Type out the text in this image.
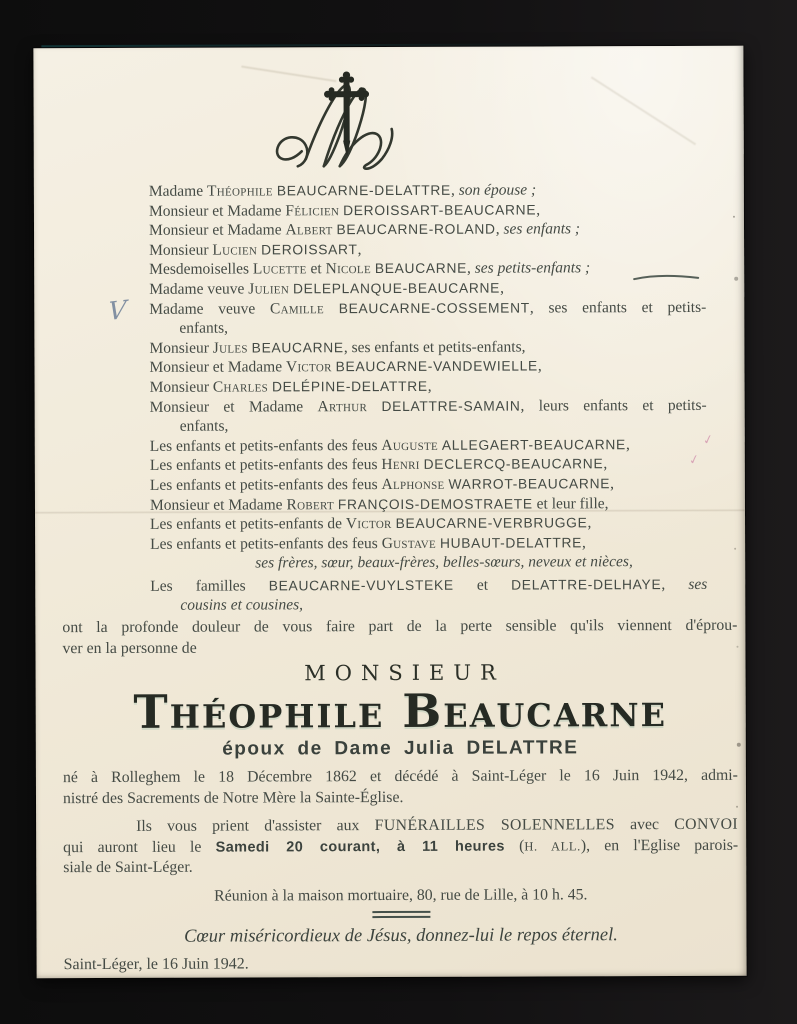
Madame Théophile BEAUCARNE-DELATTRE, son épouse ;
Monsieur et Madame Félicien DEROISSART-BEAUCARNE,
Monsieur et Madame Albert BEAUCARNE-ROLAND, ses enfants ;
Monsieur Lucien DEROISSART,
Mesdemoiselles Lucette et Nicole BEAUCARNE, ses petits-enfants ;
Madame veuve Julien DELEPLANQUE-BEAUCARNE,
Madame veuve Camille BEAUCARNE-COSSEMENT, ses enfants et petits-
enfants,
Monsieur Jules BEAUCARNE, ses enfants et petits-enfants,
Monsieur et Madame Victor BEAUCARNE-VANDEWIELLE,
Monsieur Charles DELÉPINE-DELATTRE,
Monsieur et Madame Arthur DELATTRE-SAMAIN, leurs enfants et petits-
enfants,
Les enfants et petits-enfants des feus Auguste ALLEGAERT-BEAUCARNE,
Les enfants et petits-enfants des feus Henri DECLERCQ-BEAUCARNE,
Les enfants et petits-enfants des feus Alphonse WARROT-BEAUCARNE,
Monsieur et Madame Robert FRANÇOIS-DEMOSTRAETE et leur fille,
Les enfants et petits-enfants de Victor BEAUCARNE-VERBRUGGE,
Les enfants et petits-enfants des feus Gustave HUBAUT-DELATTRE,
ses frères, sœur, beaux-frères, belles-sœurs, neveux et nièces,
Les familles BEAUCARNE-VUYLSTEKE et DELATTRE-DELHAYE, ses
cousins et cousines,
ont la profonde douleur de vous faire part de la perte sensible qu'ils viennent d'éprou-
ver en la personne de
MONSIEUR
Théophile Beaucarne
époux de Dame Julia DELATTRE
né à Rolleghem le 18 Décembre 1862 et décédé à Saint-Léger le 16 Juin 1942, admi-
nistré des Sacrements de Notre Mère la Sainte-Église.
Ils vous prient d'assister aux FUNÉRAILLES SOLENNELLES avec CONVOI
qui auront lieu le Samedi 20 courant, à 11 heures (H. ALL.), en l'Eglise parois-
siale de Saint-Léger.
Réunion à la maison mortuaire, 80, rue de Lille, à 10 h. 45.
Cœur miséricordieux de Jésus, donnez-lui le repos éternel.
Saint-Léger, le 16 Juin 1942.
V
✓
✓
